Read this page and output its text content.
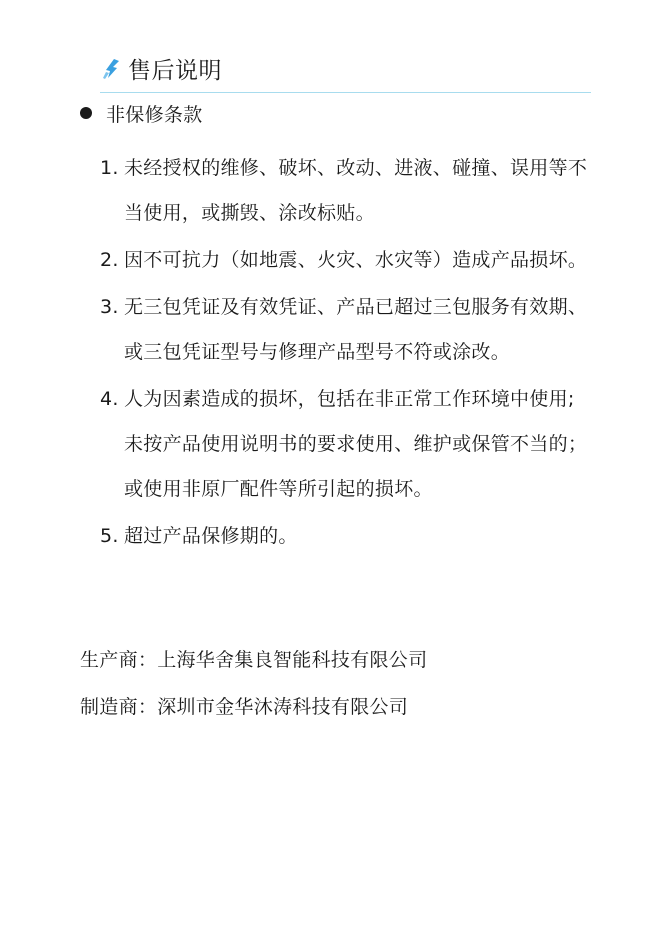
售后说明
非保修条款
1. 未经授权的维修、破坏、改动、进液、碰撞、误用等不当使用，或撕毁、涂改标贴。
2. 因不可抗力（如地震、火灾、水灾等）造成产品损坏。
3. 无三包凭证及有效凭证、产品已超过三包服务有效期、或三包凭证型号与修理产品型号不符或涂改。
4. 人为因素造成的损坏，包括在非正常工作环境中使用;未按产品使用说明书的要求使用、维护或保管不当的；或使用非原厂配件等所引起的损坏。
5. 超过产品保修期的。
生产商：上海华舍集良智能科技有限公司
制造商：深圳市金华沐涛科技有限公司
